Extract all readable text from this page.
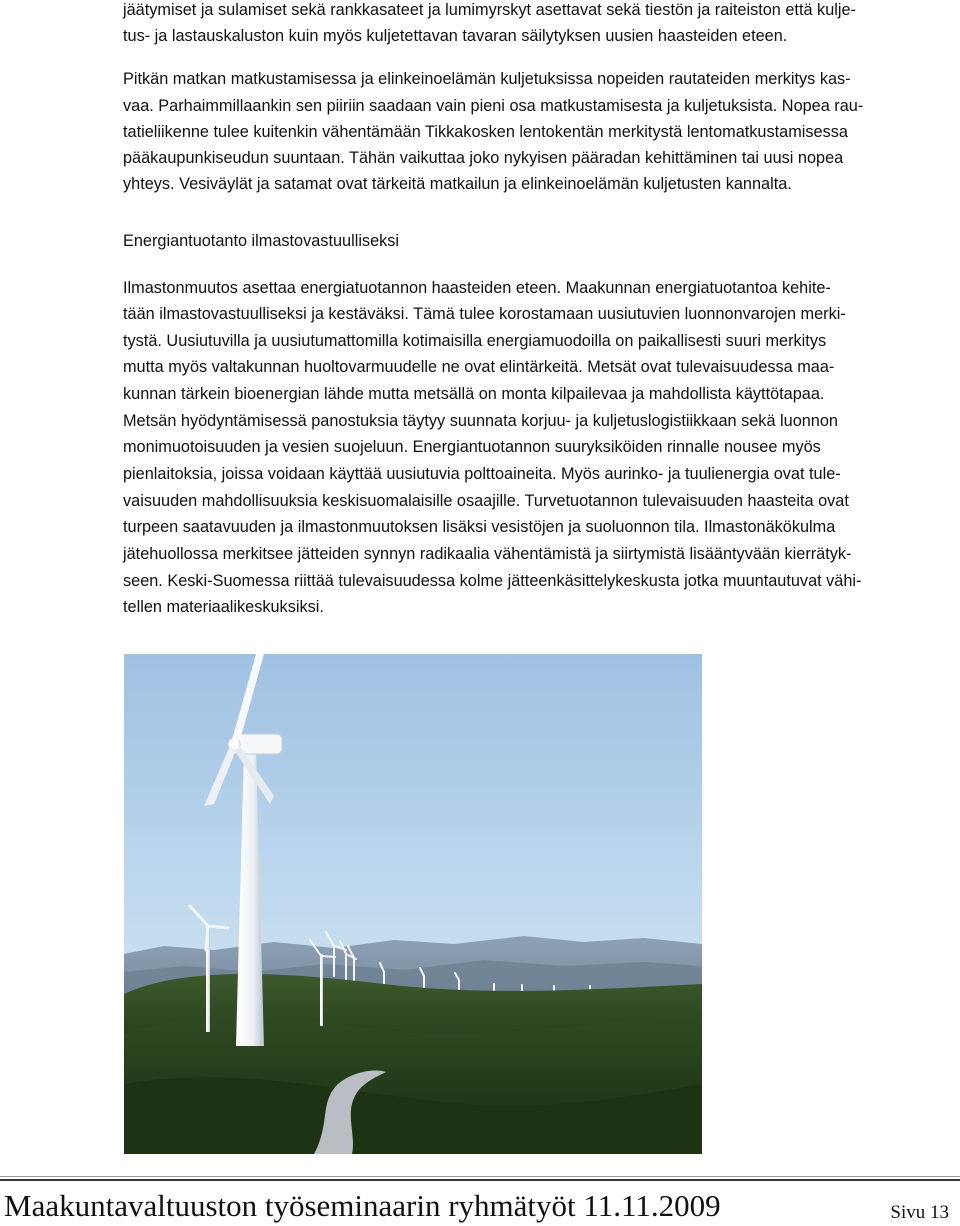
jäätymiset ja sulamiset sekä rankkasateet ja lumimyrskyt asettavat sekä tiestön ja raiteiston että kulje-

tus- ja lastauskaluston kuin myös kuljetettavan tavaran säilytyksen uusien haasteiden eteen.

Pitkän matkan matkustamisessa ja elinkeinoelämän kuljetuksissa nopeiden rautateiden merkitys kas-

vaa. Parhaimmillaankin sen piiriin saadaan vain pieni osa matkustamisesta ja kuljetuksista. Nopea rau-

tatieliikenne tulee kuitenkin vähentämään Tikkakosken lentokentän merkitystä lentomatkustamisessa

pääkaupunkiseudun suuntaan. Tähän vaikuttaa joko nykyisen pääradan kehittäminen tai uusi nopea

yhteys. Vesiväylät ja satamat ovat tärkeitä matkailun ja elinkeinoelämän kuljetusten kannalta.

Energiantuotanto ilmastovastuulliseksi

Ilmastonmuutos asettaa energiatuotannon haasteiden eteen. Maakunnan energiatuotantoa kehite-

tään ilmastovastuulliseksi ja kestäväksi. Tämä tulee korostamaan uusiutuvien luonnonvarojen merki-

tystä. Uusiutuvilla ja uusiutumattomilla kotimaisilla energiamuodoilla on paikallisesti suuri merkitys

mutta myös valtakunnan huoltovarmuudelle ne ovat elintärkeitä. Metsät ovat tulevaisuudessa maa-

kunnan tärkein bioenergian lähde mutta metsällä on monta kilpailevaa ja mahdollista käyttötapaa.

Metsän hyödyntämisessä panostuksia täytyy suunnata korjuu- ja kuljetuslogistiikkaan sekä luonnon

monimuotoisuuden ja vesien suojeluun. Energiantuotannon suuryksiköiden rinnalle nousee myös

pienlaitoksia, joissa voidaan käyttää uusiutuvia polttoaineita. Myös aurinko- ja tuulienergia ovat tule-

vaisuuden mahdollisuuksia keskisuomalaisille osaajille. Turvetuotannon tulevaisuuden haasteita ovat

turpeen saatavuuden ja ilmastonmuutoksen lisäksi vesistöjen ja suoluonnon tila. Ilmastonäkökulma

jätehuollossa merkitsee jätteiden synnyn radikaalia vähentämistä ja siirtymistä lisääntyvään kierrätyk-

seen. Keski-Suomessa riittää tulevaisuudessa kolme jätteenkäsittelykeskusta jotka muuntautuvat vähi-

tellen materiaalikeskuksiksi.

Maakuntavaltuuston työseminaarin ryhmätyöt 11.11.2009	Sivu 13
